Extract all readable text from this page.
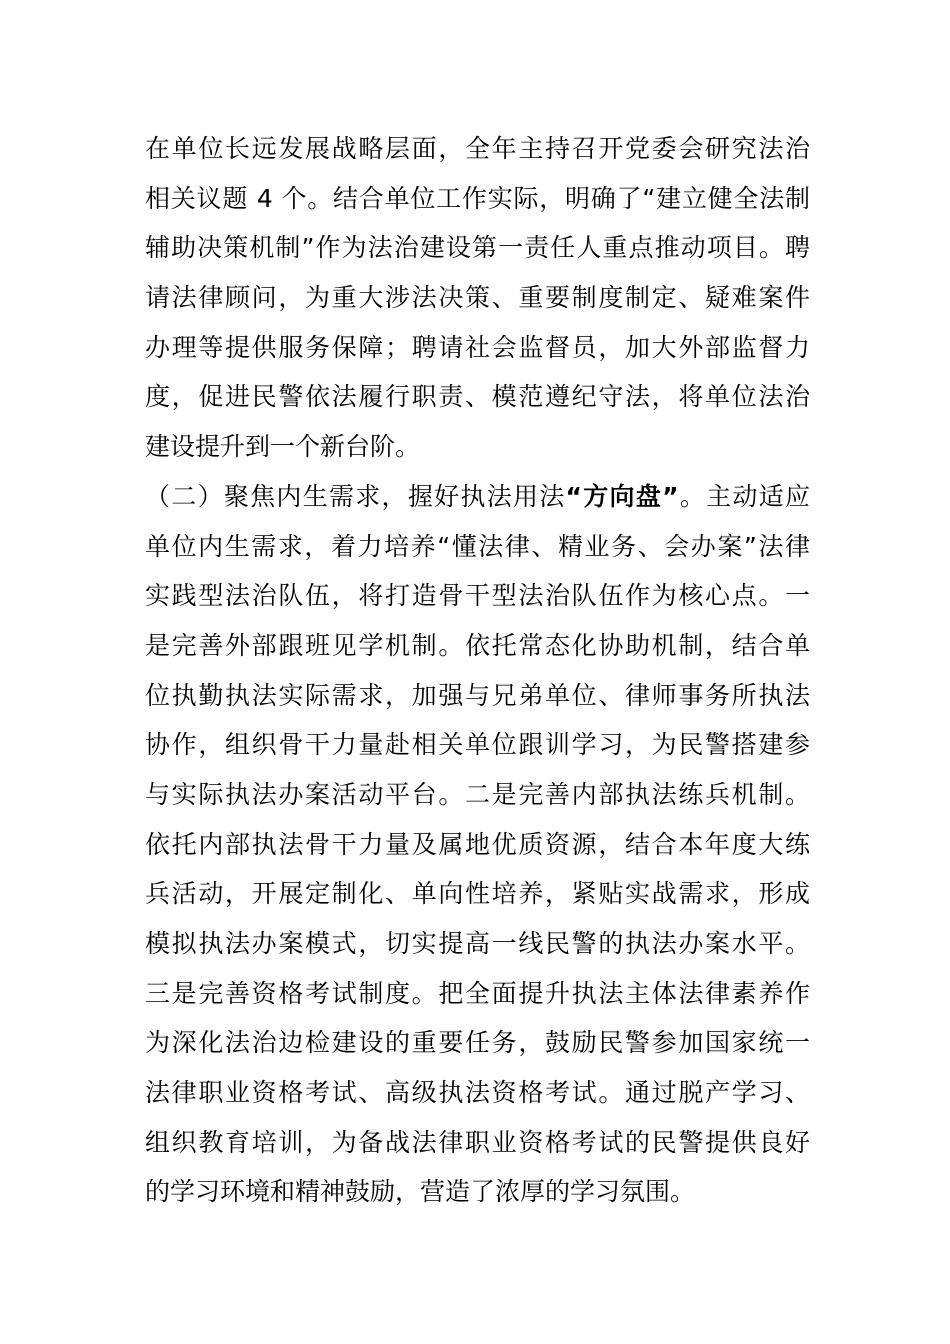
在单位长远发展战略层面，全年主持召开党委会研究法治
相关议题 4 个。结合单位工作实际，明确了“建立健全法制
辅助决策机制”作为法治建设第一责任人重点推动项目。聘
请法律顾问，为重大涉法决策、重要制度制定、疑难案件
办理等提供服务保障；聘请社会监督员，加大外部监督力
度，促进民警依法履行职责、模范遵纪守法，将单位法治
建设提升到一个新台阶。
（二）聚焦内生需求，握好执法用法“方向盘”。主动适应
单位内生需求，着力培养“懂法律、精业务、会办案”法律
实践型法治队伍，将打造骨干型法治队伍作为核心点。一
是完善外部跟班见学机制。依托常态化协助机制，结合单
位执勤执法实际需求，加强与兄弟单位、律师事务所执法
协作，组织骨干力量赴相关单位跟训学习，为民警搭建参
与实际执法办案活动平台。二是完善内部执法练兵机制。
依托内部执法骨干力量及属地优质资源，结合本年度大练
兵活动，开展定制化、单向性培养，紧贴实战需求，形成
模拟执法办案模式，切实提高一线民警的执法办案水平。
三是完善资格考试制度。把全面提升执法主体法律素养作
为深化法治边检建设的重要任务，鼓励民警参加国家统一
法律职业资格考试、高级执法资格考试。通过脱产学习、
组织教育培训，为备战法律职业资格考试的民警提供良好
的学习环境和精神鼓励，营造了浓厚的学习氛围。
